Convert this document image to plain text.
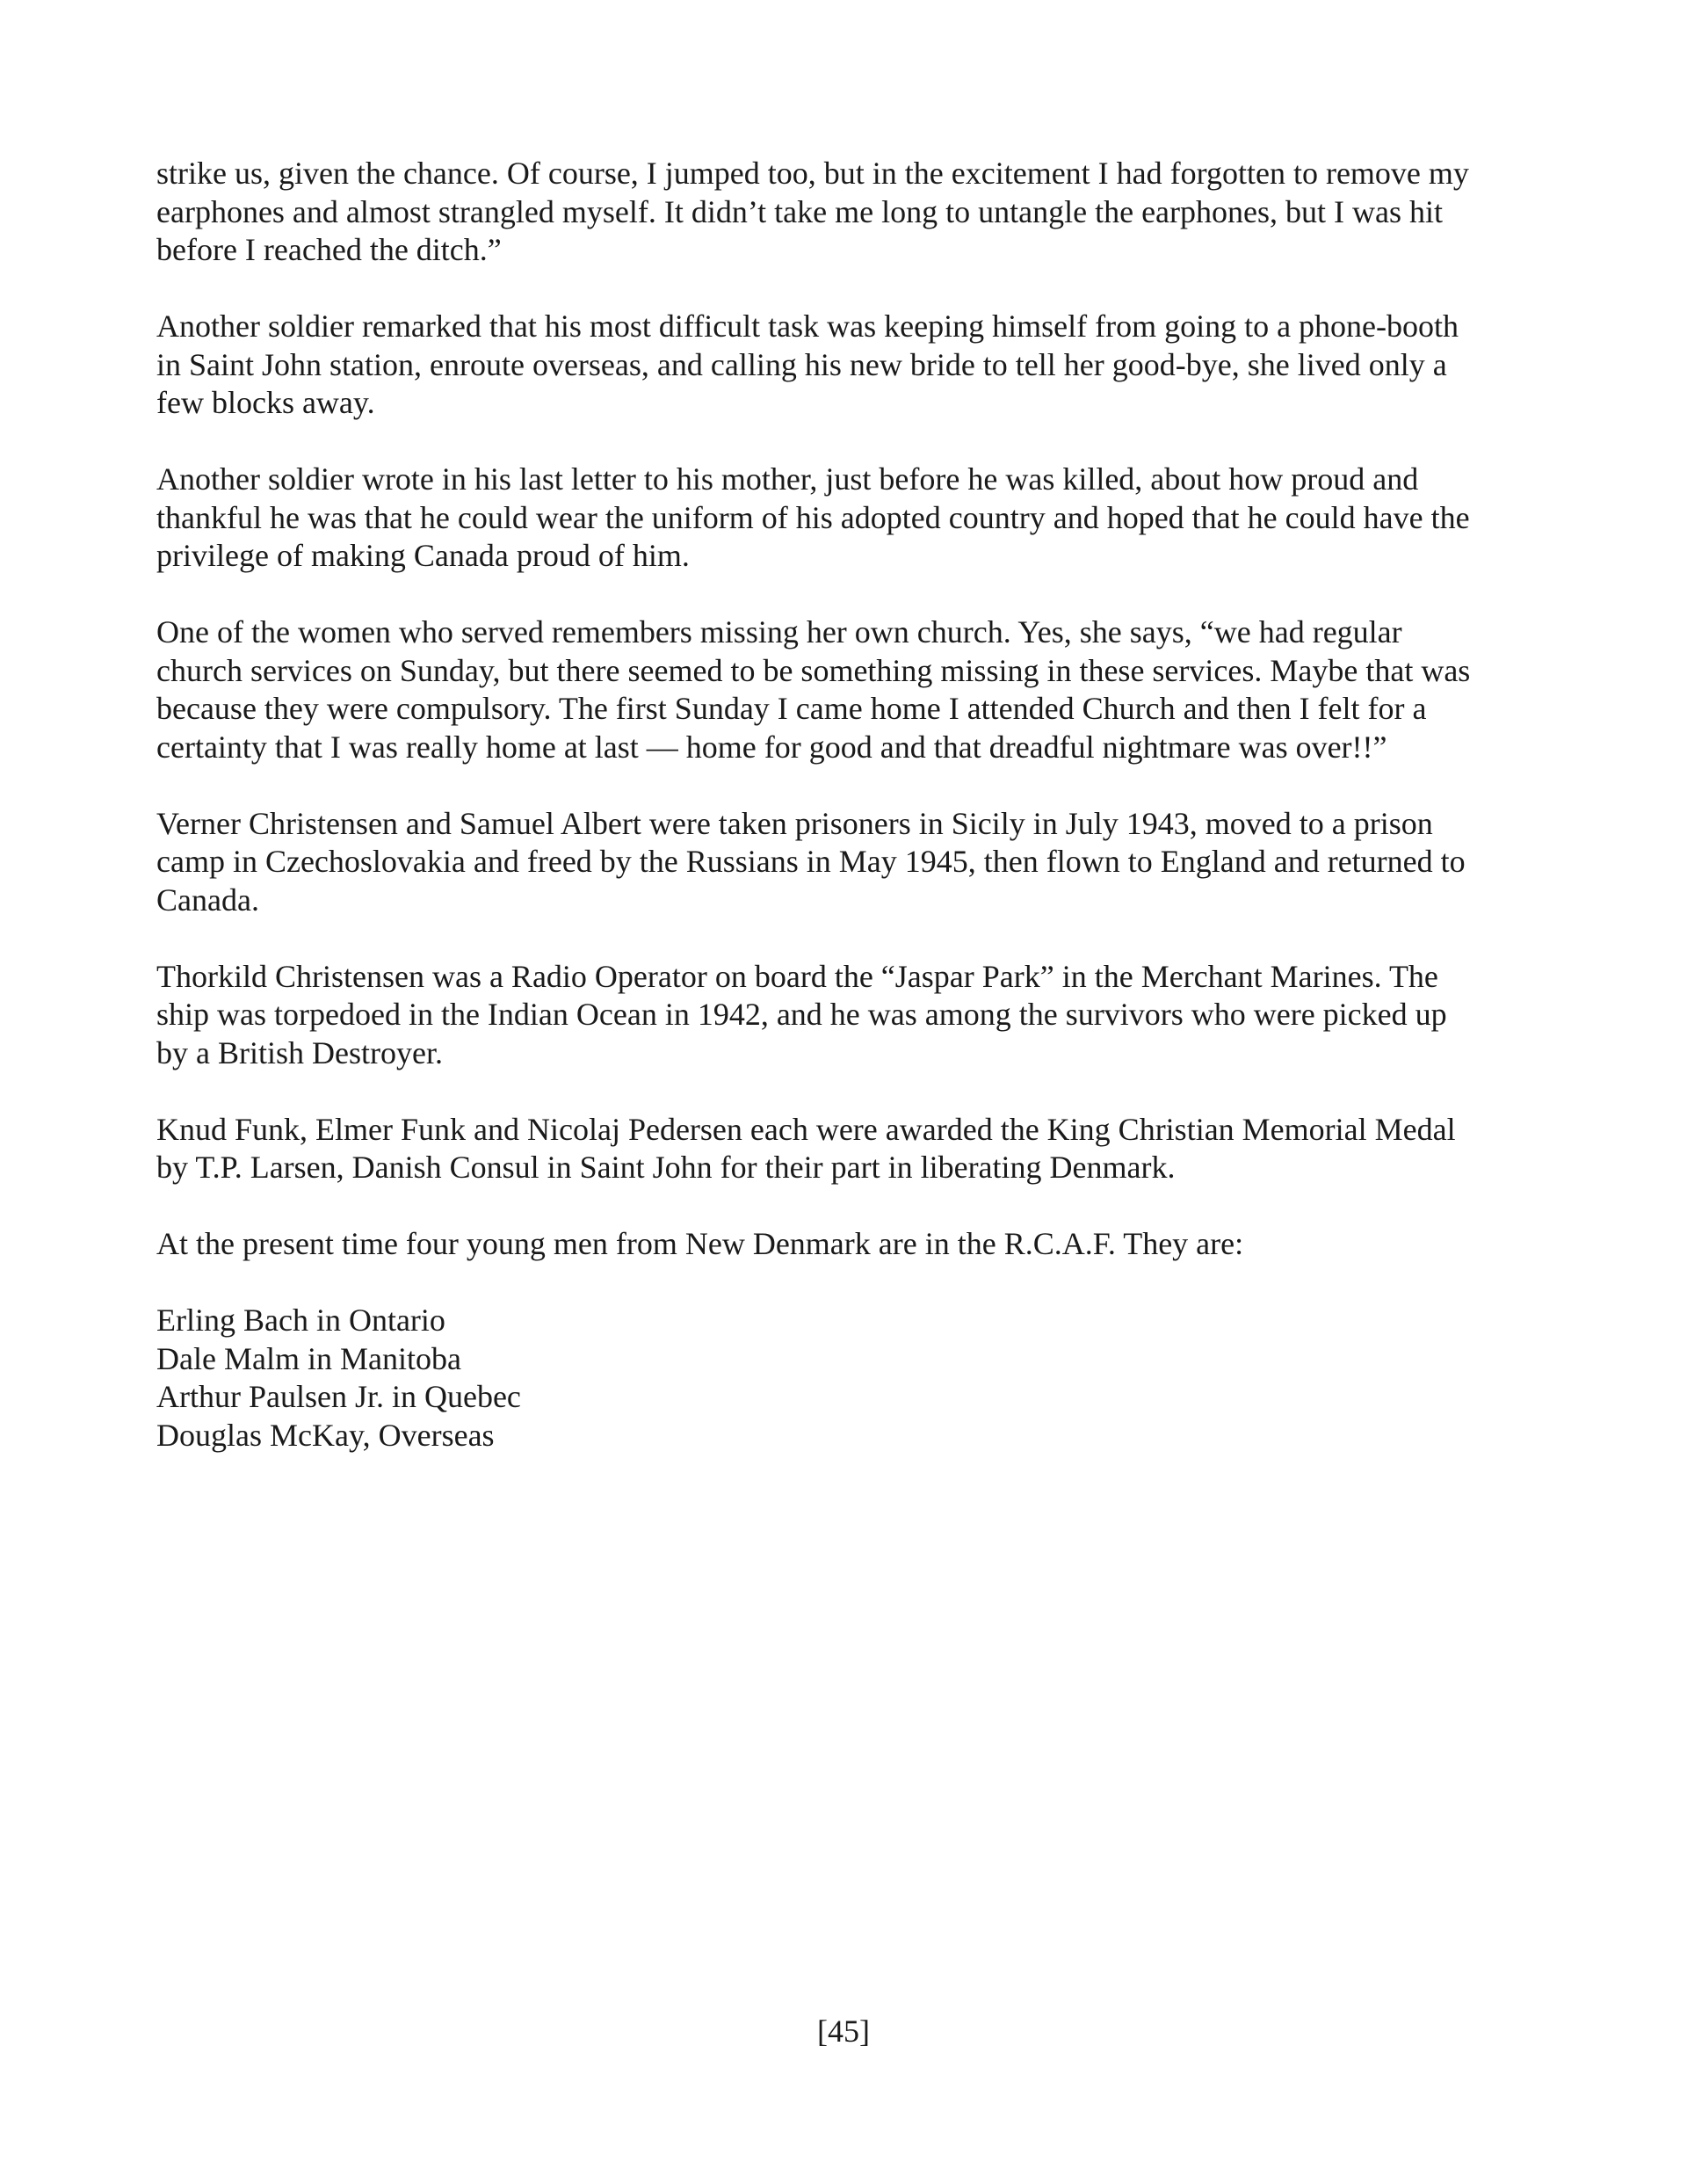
strike us, given the chance. Of course, I jumped too, but in the excitement I had forgotten to remove my
earphones and almost strangled myself. It didn’t take me long to untangle the earphones, but I was hit
before I reached the ditch.”

Another soldier remarked that his most difficult task was keeping himself from going to a phone-booth
in Saint John station, enroute overseas, and calling his new bride to tell her good-bye, she lived only a
few blocks away.

Another soldier wrote in his last letter to his mother, just before he was killed, about how proud and
thankful he was that he could wear the uniform of his adopted country and hoped that he could have the
privilege of making Canada proud of him.

One of the women who served remembers missing her own church. Yes, she says, “we had regular
church services on Sunday, but there seemed to be something missing in these services. Maybe that was
because they were compulsory. The first Sunday I came home I attended Church and then I felt for a
certainty that I was really home at last — home for good and that dreadful nightmare was over!!”

Verner Christensen and Samuel Albert were taken prisoners in Sicily in July 1943, moved to a prison
camp in Czechoslovakia and freed by the Russians in May 1945, then flown to England and returned to
Canada.

Thorkild Christensen was a Radio Operator on board the “Jaspar Park” in the Merchant Marines. The
ship was torpedoed in the Indian Ocean in 1942, and he was among the survivors who were picked up
by a British Destroyer.

Knud Funk, Elmer Funk and Nicolaj Pedersen each were awarded the King Christian Memorial Medal
by T.P. Larsen, Danish Consul in Saint John for their part in liberating Denmark.

At the present time four young men from New Denmark are in the R.C.A.F. They are:

Erling Bach in Ontario
Dale Malm in Manitoba
Arthur Paulsen Jr. in Quebec
Douglas McKay, Overseas

[45]
